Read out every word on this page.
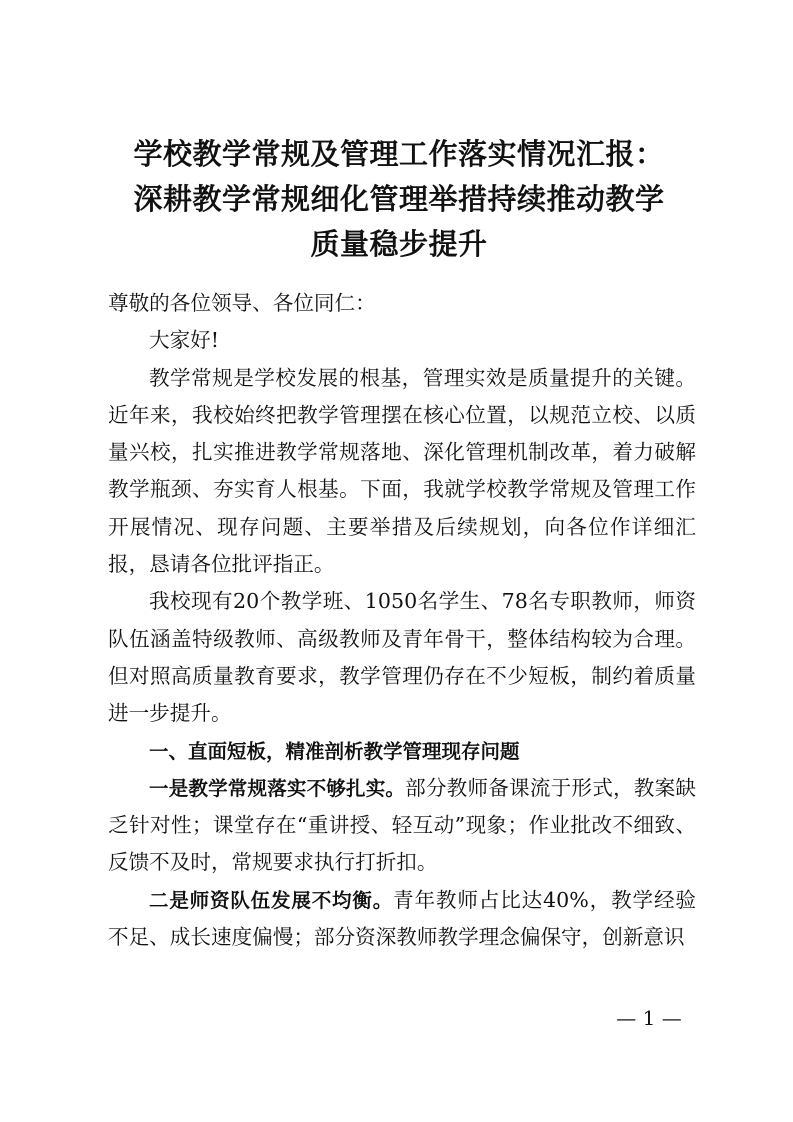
学校教学常规及管理工作落实情况汇报：
深耕教学常规细化管理举措持续推动教学
质量稳步提升

尊敬的各位领导、各位同仁：

大家好!

教学常规是学校发展的根基，管理实效是质量提升的关键。近年来，我校始终把教学管理摆在核心位置，以规范立校、以质量兴校，扎实推进教学常规落地、深化管理机制改革，着力破解教学瓶颈、夯实育人根基。下面，我就学校教学常规及管理工作开展情况、现存问题、主要举措及后续规划，向各位作详细汇报，恳请各位批评指正。

我校现有20个教学班、1050名学生、78名专职教师，师资队伍涵盖特级教师、高级教师及青年骨干，整体结构较为合理。但对照高质量教育要求，教学管理仍存在不少短板，制约着质量进一步提升。

一、直面短板，精准剖析教学管理现存问题

一是教学常规落实不够扎实。部分教师备课流于形式，教案缺乏针对性；课堂存在“重讲授、轻互动”现象；作业批改不细致、反馈不及时，常规要求执行打折扣。

二是师资队伍发展不均衡。青年教师占比达40%，教学经验不足、成长速度偏慢；部分资深教师教学理念偏保守，创新意识

— 1 —
